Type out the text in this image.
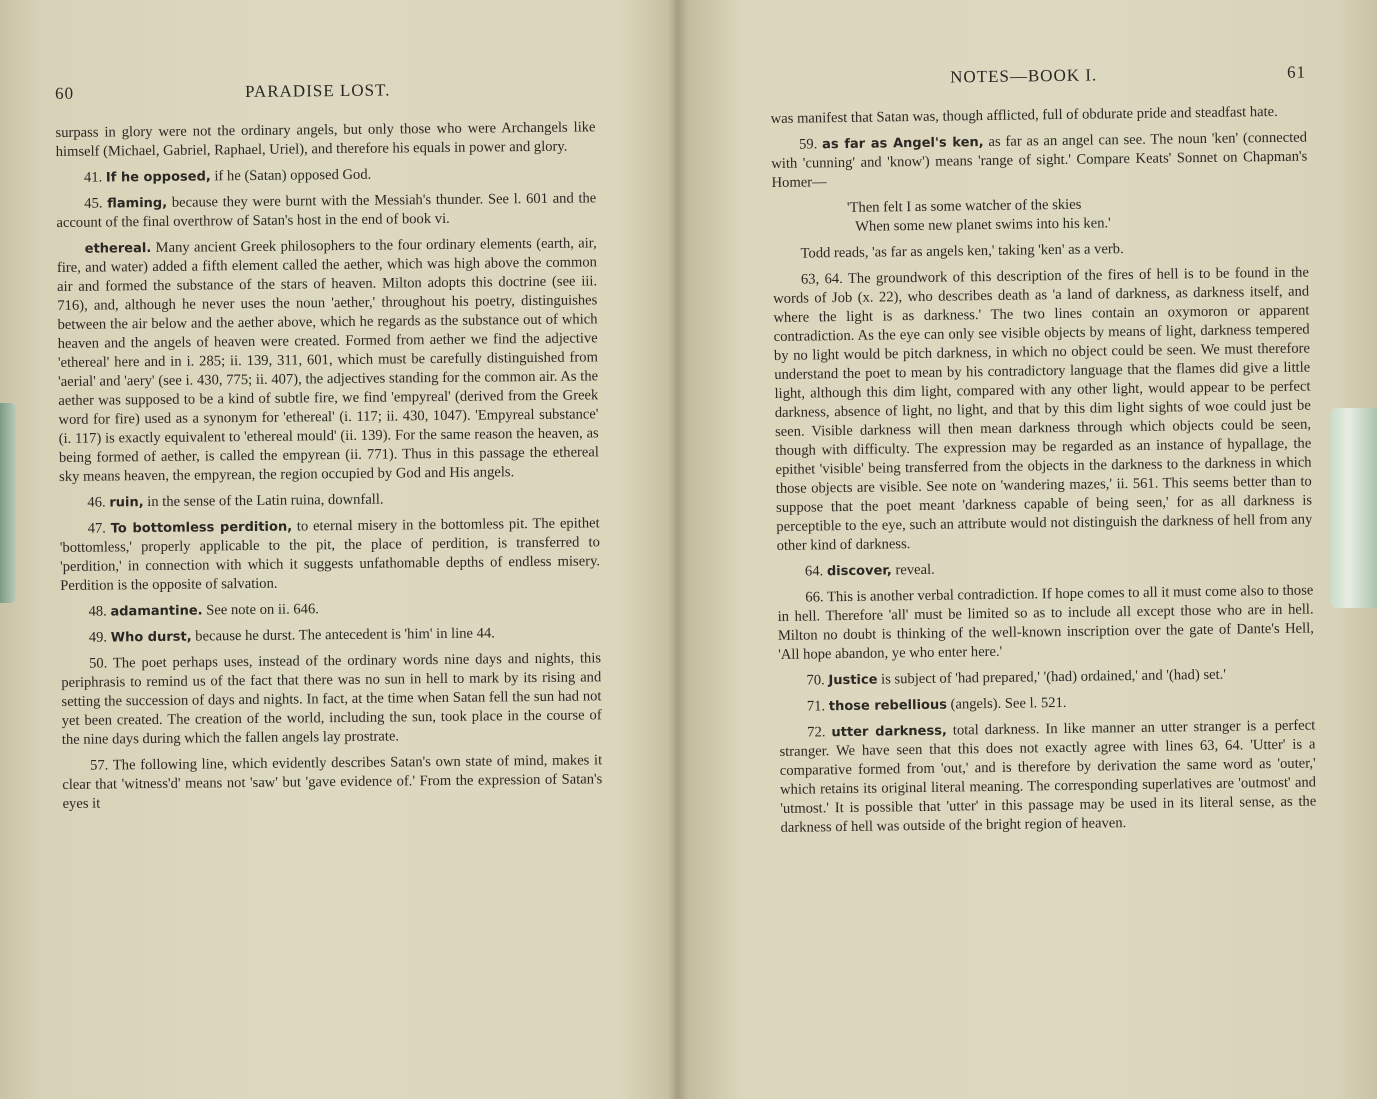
60	PARADISE LOST.

surpass in glory were not the ordinary angels, but only those who were Archangels like himself (Michael, Gabriel, Raphael, Uriel), and therefore his equals in power and glory.

41. If he opposed, if he (Satan) opposed God.

45. flaming, because they were burnt with the Messiah's thunder. See l. 601 and the account of the final overthrow of Satan's host in the end of book vi.

ethereal. Many ancient Greek philosophers to the four ordinary elements (earth, air, fire, and water) added a fifth element called the aether, which was high above the common air and formed the substance of the stars of heaven. Milton adopts this doctrine (see iii. 716), and, although he never uses the noun 'aether,' throughout his poetry, distinguishes between the air below and the aether above, which he regards as the substance out of which heaven and the angels of heaven were created. Formed from aether we find the adjective 'ethereal' here and in i. 285; ii. 139, 311, 601, which must be carefully distinguished from 'aerial' and 'aery' (see i. 430, 775; ii. 407), the adjectives standing for the common air. As the aether was supposed to be a kind of subtle fire, we find 'empyreal' (derived from the Greek word for fire) used as a synonym for 'ethereal' (i. 117; ii. 430, 1047). 'Empyreal substance' (i. 117) is exactly equivalent to 'ethereal mould' (ii. 139). For the same reason the heaven, as being formed of aether, is called the empyrean (ii. 771). Thus in this passage the ethereal sky means heaven, the empyrean, the region occupied by God and His angels.

46. ruin, in the sense of the Latin ruina, downfall.

47. To bottomless perdition, to eternal misery in the bottomless pit. The epithet 'bottomless,' properly applicable to the pit, the place of perdition, is transferred to 'perdition,' in connection with which it suggests unfathomable depths of endless misery. Perdition is the opposite of salvation.

48. adamantine. See note on ii. 646.

49. Who durst, because he durst. The antecedent is 'him' in line 44.

50. The poet perhaps uses, instead of the ordinary words nine days and nights, this periphrasis to remind us of the fact that there was no sun in hell to mark by its rising and setting the succession of days and nights. In fact, at the time when Satan fell the sun had not yet been created. The creation of the world, including the sun, took place in the course of the nine days during which the fallen angels lay prostrate.

57. The following line, which evidently describes Satan's own state of mind, makes it clear that 'witness'd' means not 'saw' but 'gave evidence of.' From the expression of Satan's eyes it

NOTES—BOOK I.	61

was manifest that Satan was, though afflicted, full of obdurate pride and steadfast hate.

59. as far as Angel's ken, as far as an angel can see. The noun 'ken' (connected with 'cunning' and 'know') means 'range of sight.' Compare Keats' Sonnet on Chapman's Homer—

'Then felt I as some watcher of the skies
When some new planet swims into his ken.'

Todd reads, 'as far as angels ken,' taking 'ken' as a verb.

63, 64. The groundwork of this description of the fires of hell is to be found in the words of Job (x. 22), who describes death as 'a land of darkness, as darkness itself, and where the light is as darkness.' The two lines contain an oxymoron or apparent contradiction. As the eye can only see visible objects by means of light, darkness tempered by no light would be pitch darkness, in which no object could be seen. We must therefore understand the poet to mean by his contradictory language that the flames did give a little light, although this dim light, compared with any other light, would appear to be perfect darkness, absence of light, no light, and that by this dim light sights of woe could just be seen. Visible darkness will then mean darkness through which objects could be seen, though with difficulty. The expression may be regarded as an instance of hypallage, the epithet 'visible' being transferred from the objects in the darkness to the darkness in which those objects are visible. See note on 'wandering mazes,' ii. 561. This seems better than to suppose that the poet meant 'darkness capable of being seen,' for as all darkness is perceptible to the eye, such an attribute would not distinguish the darkness of hell from any other kind of darkness.

64. discover, reveal.

66. This is another verbal contradiction. If hope comes to all it must come also to those in hell. Therefore 'all' must be limited so as to include all except those who are in hell. Milton no doubt is thinking of the well-known inscription over the gate of Dante's Hell, 'All hope abandon, ye who enter here.'

70. Justice is subject of 'had prepared,' '(had) ordained,' and '(had) set.'

71. those rebellious (angels). See l. 521.

72. utter darkness, total darkness. In like manner an utter stranger is a perfect stranger. We have seen that this does not exactly agree with lines 63, 64. 'Utter' is a comparative formed from 'out,' and is therefore by derivation the same word as 'outer,' which retains its original literal meaning. The corresponding superlatives are 'outmost' and 'utmost.' It is possible that 'utter' in this passage may be used in its literal sense, as the darkness of hell was outside of the bright region of heaven.
